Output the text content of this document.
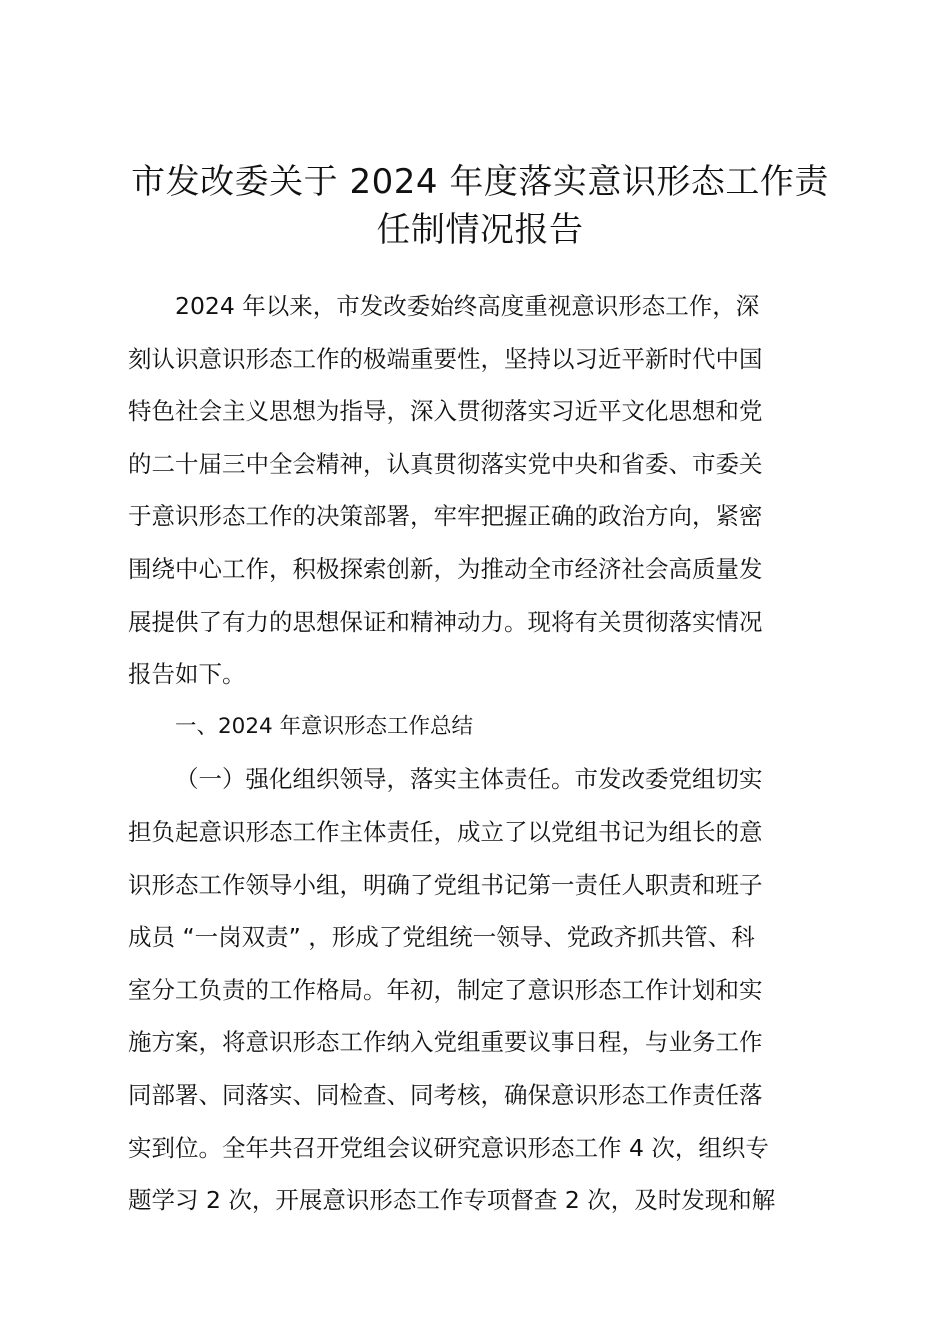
市发改委关于 2024 年度落实意识形态工作责
任制情况报告

2024 年以来，市发改委始终高度重视意识形态工作，深
刻认识意识形态工作的极端重要性，坚持以习近平新时代中国
特色社会主义思想为指导，深入贯彻落实习近平文化思想和党
的二十届三中全会精神，认真贯彻落实党中央和省委、市委关
于意识形态工作的决策部署，牢牢把握正确的政治方向，紧密
围绕中心工作，积极探索创新，为推动全市经济社会高质量发
展提供了有力的思想保证和精神动力。现将有关贯彻落实情况
报告如下。

一、2024 年意识形态工作总结

（一）强化组织领导，落实主体责任。市发改委党组切实
担负起意识形态工作主体责任，成立了以党组书记为组长的意
识形态工作领导小组，明确了党组书记第一责任人职责和班子
成员 “一岗双责” ，形成了党组统一领导、党政齐抓共管、科
室分工负责的工作格局。年初，制定了意识形态工作计划和实
施方案，将意识形态工作纳入党组重要议事日程，与业务工作
同部署、同落实、同检查、同考核，确保意识形态工作责任落
实到位。全年共召开党组会议研究意识形态工作 4 次，组织专
题学习 2 次，开展意识形态工作专项督查 2 次，及时发现和解
